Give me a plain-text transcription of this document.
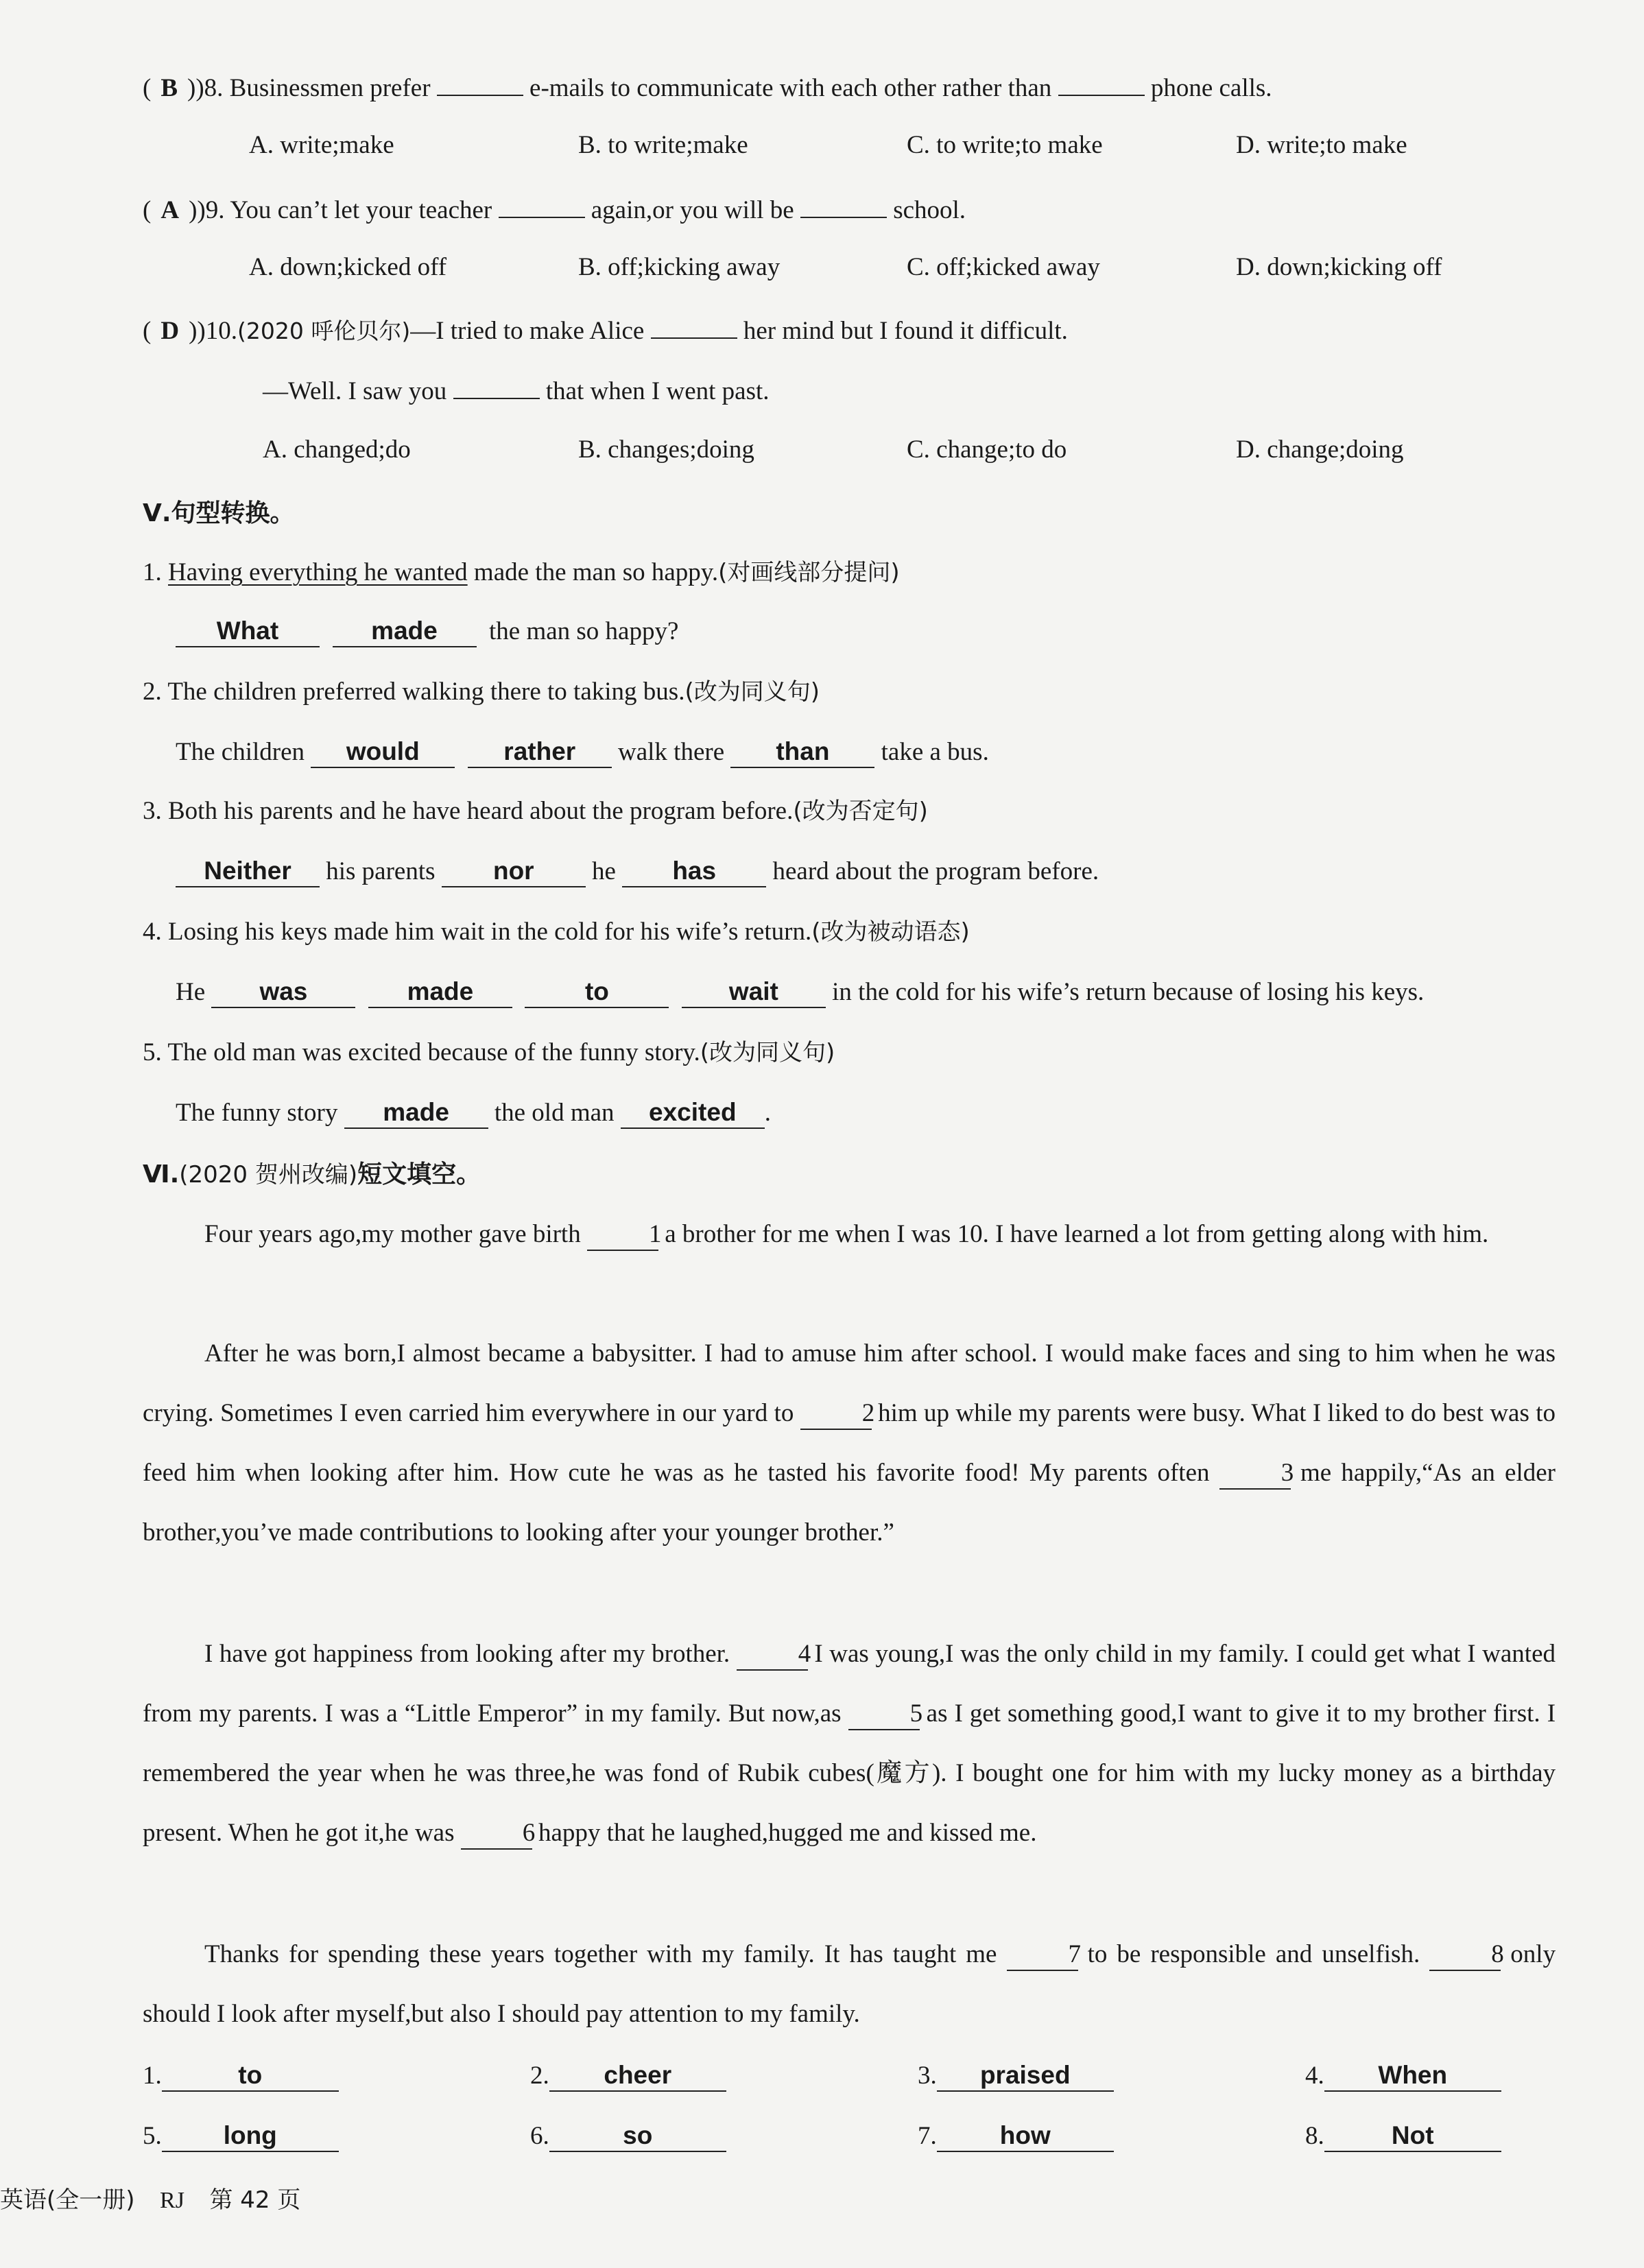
( B ))8. Businessmen prefer	e-mails to communicate with each other rather than	phone calls.
A. write;make	B. to write;make	C. to write;to make	D. write;to make
( A ))9. You can’t let your teacher	again,or you will be	school.
A. down;kicked off	B. off;kicking away	C. off;kicked away	D. down;kicking off
( D ))10.(2020 呼伦贝尔)—I tried to make Alice	her mind but I found it difficult.
—Well. I saw you	that when I went past.
A. changed;do	B. changes;doing	C. change;to do	D. change;doing
Ⅴ.句型转换。
1. Having everything he wanted made the man so happy.(对画线部分提问)
What	made the man so happy?
2. The children preferred walking there to taking bus.(改为同义句)
The children would	rather walk there than take a bus.
3. Both his parents and he have heard about the program before.(改为否定句)
Neither his parents nor he has heard about the program before.
4. Losing his keys made him wait in the cold for his wife’s return.(改为被动语态)
He was	made	to	wait in the cold for his wife’s return because of losing his keys.
5. The old man was excited because of the funny story.(改为同义句)
The funny story made the old man excited .
Ⅵ.(2020 贺州改编)短文填空。
Four years ago,my mother gave birth	1 a brother for me when I was 10. I have learned a lot from getting along with him.
After he was born,I almost became a babysitter. I had to amuse him after school. I would make faces and sing to him when he was crying. Sometimes I even carried him everywhere in our yard to	2 him up while my parents were busy. What I liked to do best was to feed him when looking after him. How cute he was as he tasted his favorite food! My parents often	3 me happily,“As an elder brother,you’ve made contributions to looking after your younger brother.”
I have got happiness from looking after my brother.	4 I was young,I was the only child in my family. I could get what I wanted from my parents. I was a “Little Emperor” in my family. But now,as	5 as I get something good,I want to give it to my brother first. I remembered the year when he was three,he was fond of Rubik cubes(魔方). I bought one for him with my lucky money as a birthday present. When he got it,he was	6 happy that he laughed,hugged me and kissed me.
Thanks for spending these years together with my family. It has taught me	7 to be responsible and unselfish.	8 only should I look after myself,but also I should pay attention to my family.
1.	to	2. cheer	3. praised	4. When
5. long	6.	so	7. how	8.	Not
英语(全一册) RJ 第 42 页
